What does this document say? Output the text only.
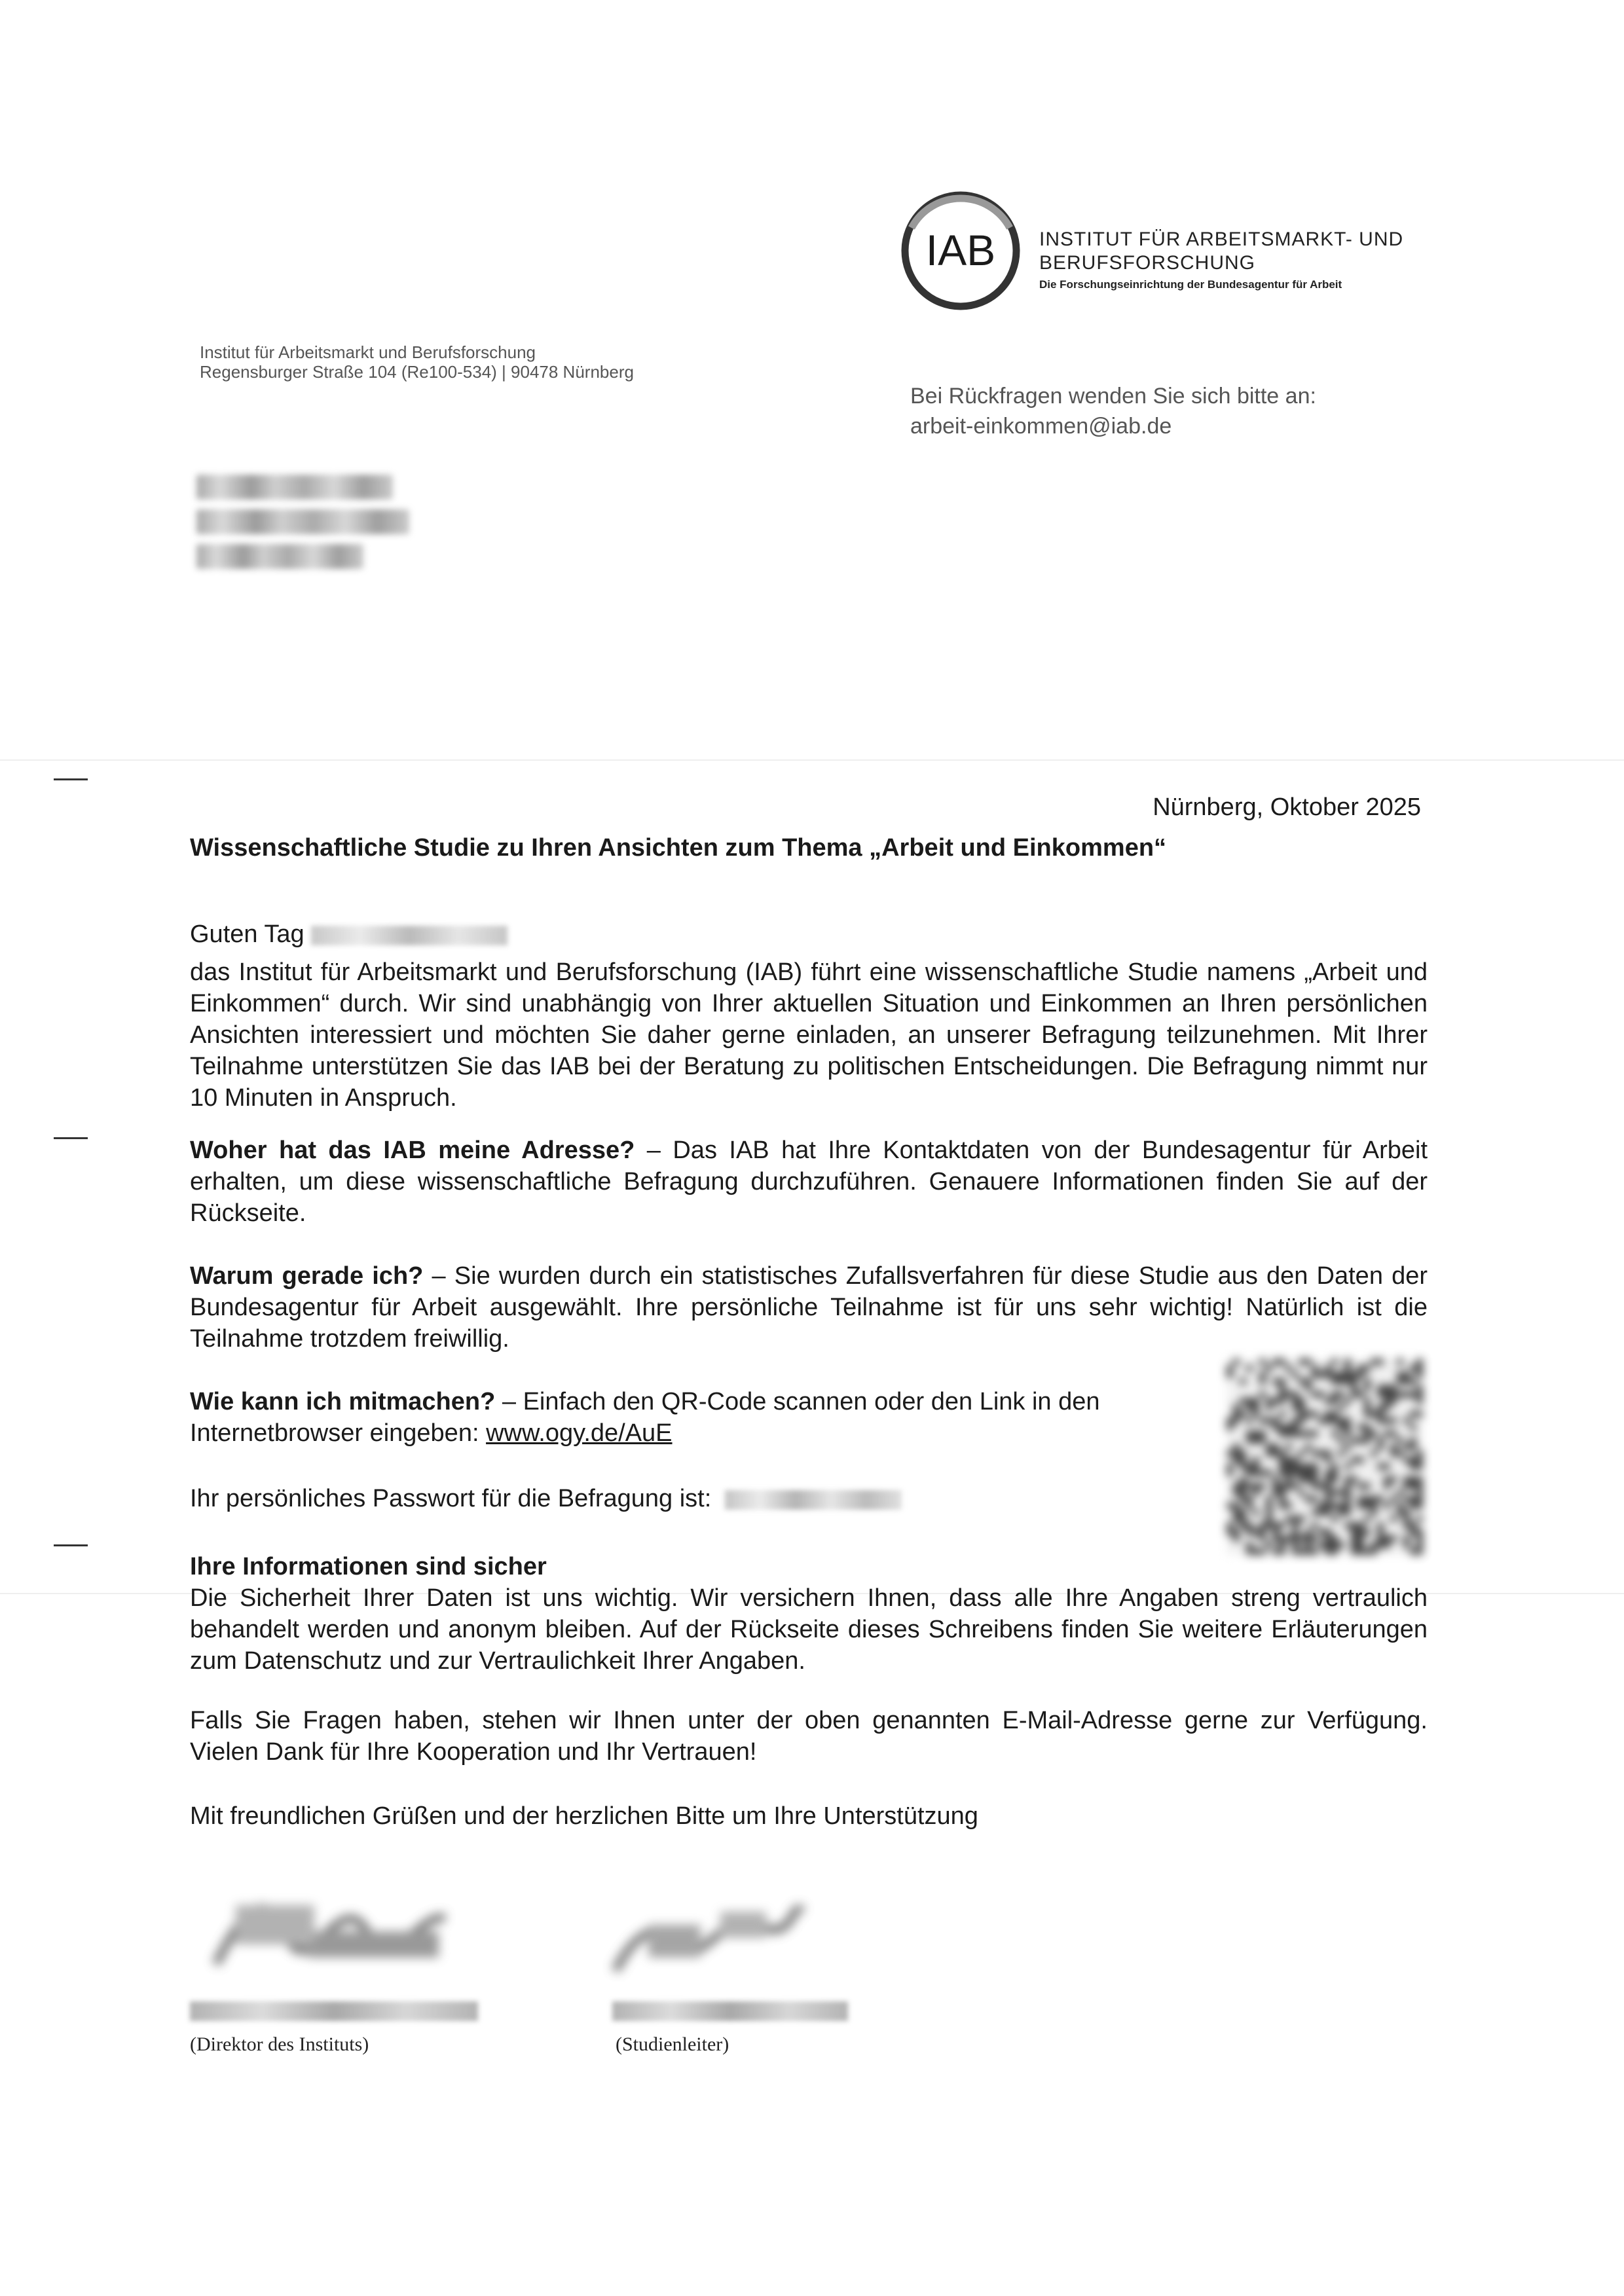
IAB INSTITUT FÜR ARBEITSMARKT- UND
BERUFSFORSCHUNG
Die Forschungseinrichtung der Bundesagentur für Arbeit
Institut für Arbeitsmarkt und Berufsforschung
Regensburger Straße 104 (Re100-534) | 90478 Nürnberg
Bei Rückfragen wenden Sie sich bitte an:
arbeit-einkommen@iab.de
Nürnberg, Oktober 2025
Wissenschaftliche Studie zu Ihren Ansichten zum Thema „Arbeit und Einkommen“
Guten Tag
das Institut für Arbeitsmarkt und Berufsforschung (IAB) führt eine wissenschaftliche Studie namens „Arbeit und Einkommen“ durch. Wir sind unabhängig von Ihrer aktuellen Situation und Einkommen an Ihren persönlichen Ansichten interessiert und möchten Sie daher gerne einladen, an unserer Befragung teilzunehmen. Mit Ihrer Teilnahme unterstützen Sie das IAB bei der Beratung zu politischen Entscheidungen. Die Befragung nimmt nur 10 Minuten in Anspruch.
Woher hat das IAB meine Adresse? – Das IAB hat Ihre Kontaktdaten von der Bundesagentur für Arbeit erhalten, um diese wissenschaftliche Befragung durchzuführen. Genauere Informationen finden Sie auf der Rückseite.
Warum gerade ich? – Sie wurden durch ein statistisches Zufallsverfahren für diese Studie aus den Daten der Bundesagentur für Arbeit ausgewählt. Ihre persönliche Teilnahme ist für uns sehr wichtig! Natürlich ist die Teilnahme trotzdem freiwillig.
Wie kann ich mitmachen? – Einfach den QR-Code scannen oder den Link in den Internetbrowser eingeben: www.ogy.de/AuE
Ihr persönliches Passwort für die Befragung ist:
Ihre Informationen sind sicher
Die Sicherheit Ihrer Daten ist uns wichtig. Wir versichern Ihnen, dass alle Ihre Angaben streng vertraulich behandelt werden und anonym bleiben. Auf der Rückseite dieses Schreibens finden Sie weitere Erläuterungen zum Datenschutz und zur Vertraulichkeit Ihrer Angaben.
Falls Sie Fragen haben, stehen wir Ihnen unter der oben genannten E-Mail-Adresse gerne zur Verfügung. Vielen Dank für Ihre Kooperation und Ihr Vertrauen!
Mit freundlichen Grüßen und der herzlichen Bitte um Ihre Unterstützung
(Direktor des Instituts)	(Studienleiter)
